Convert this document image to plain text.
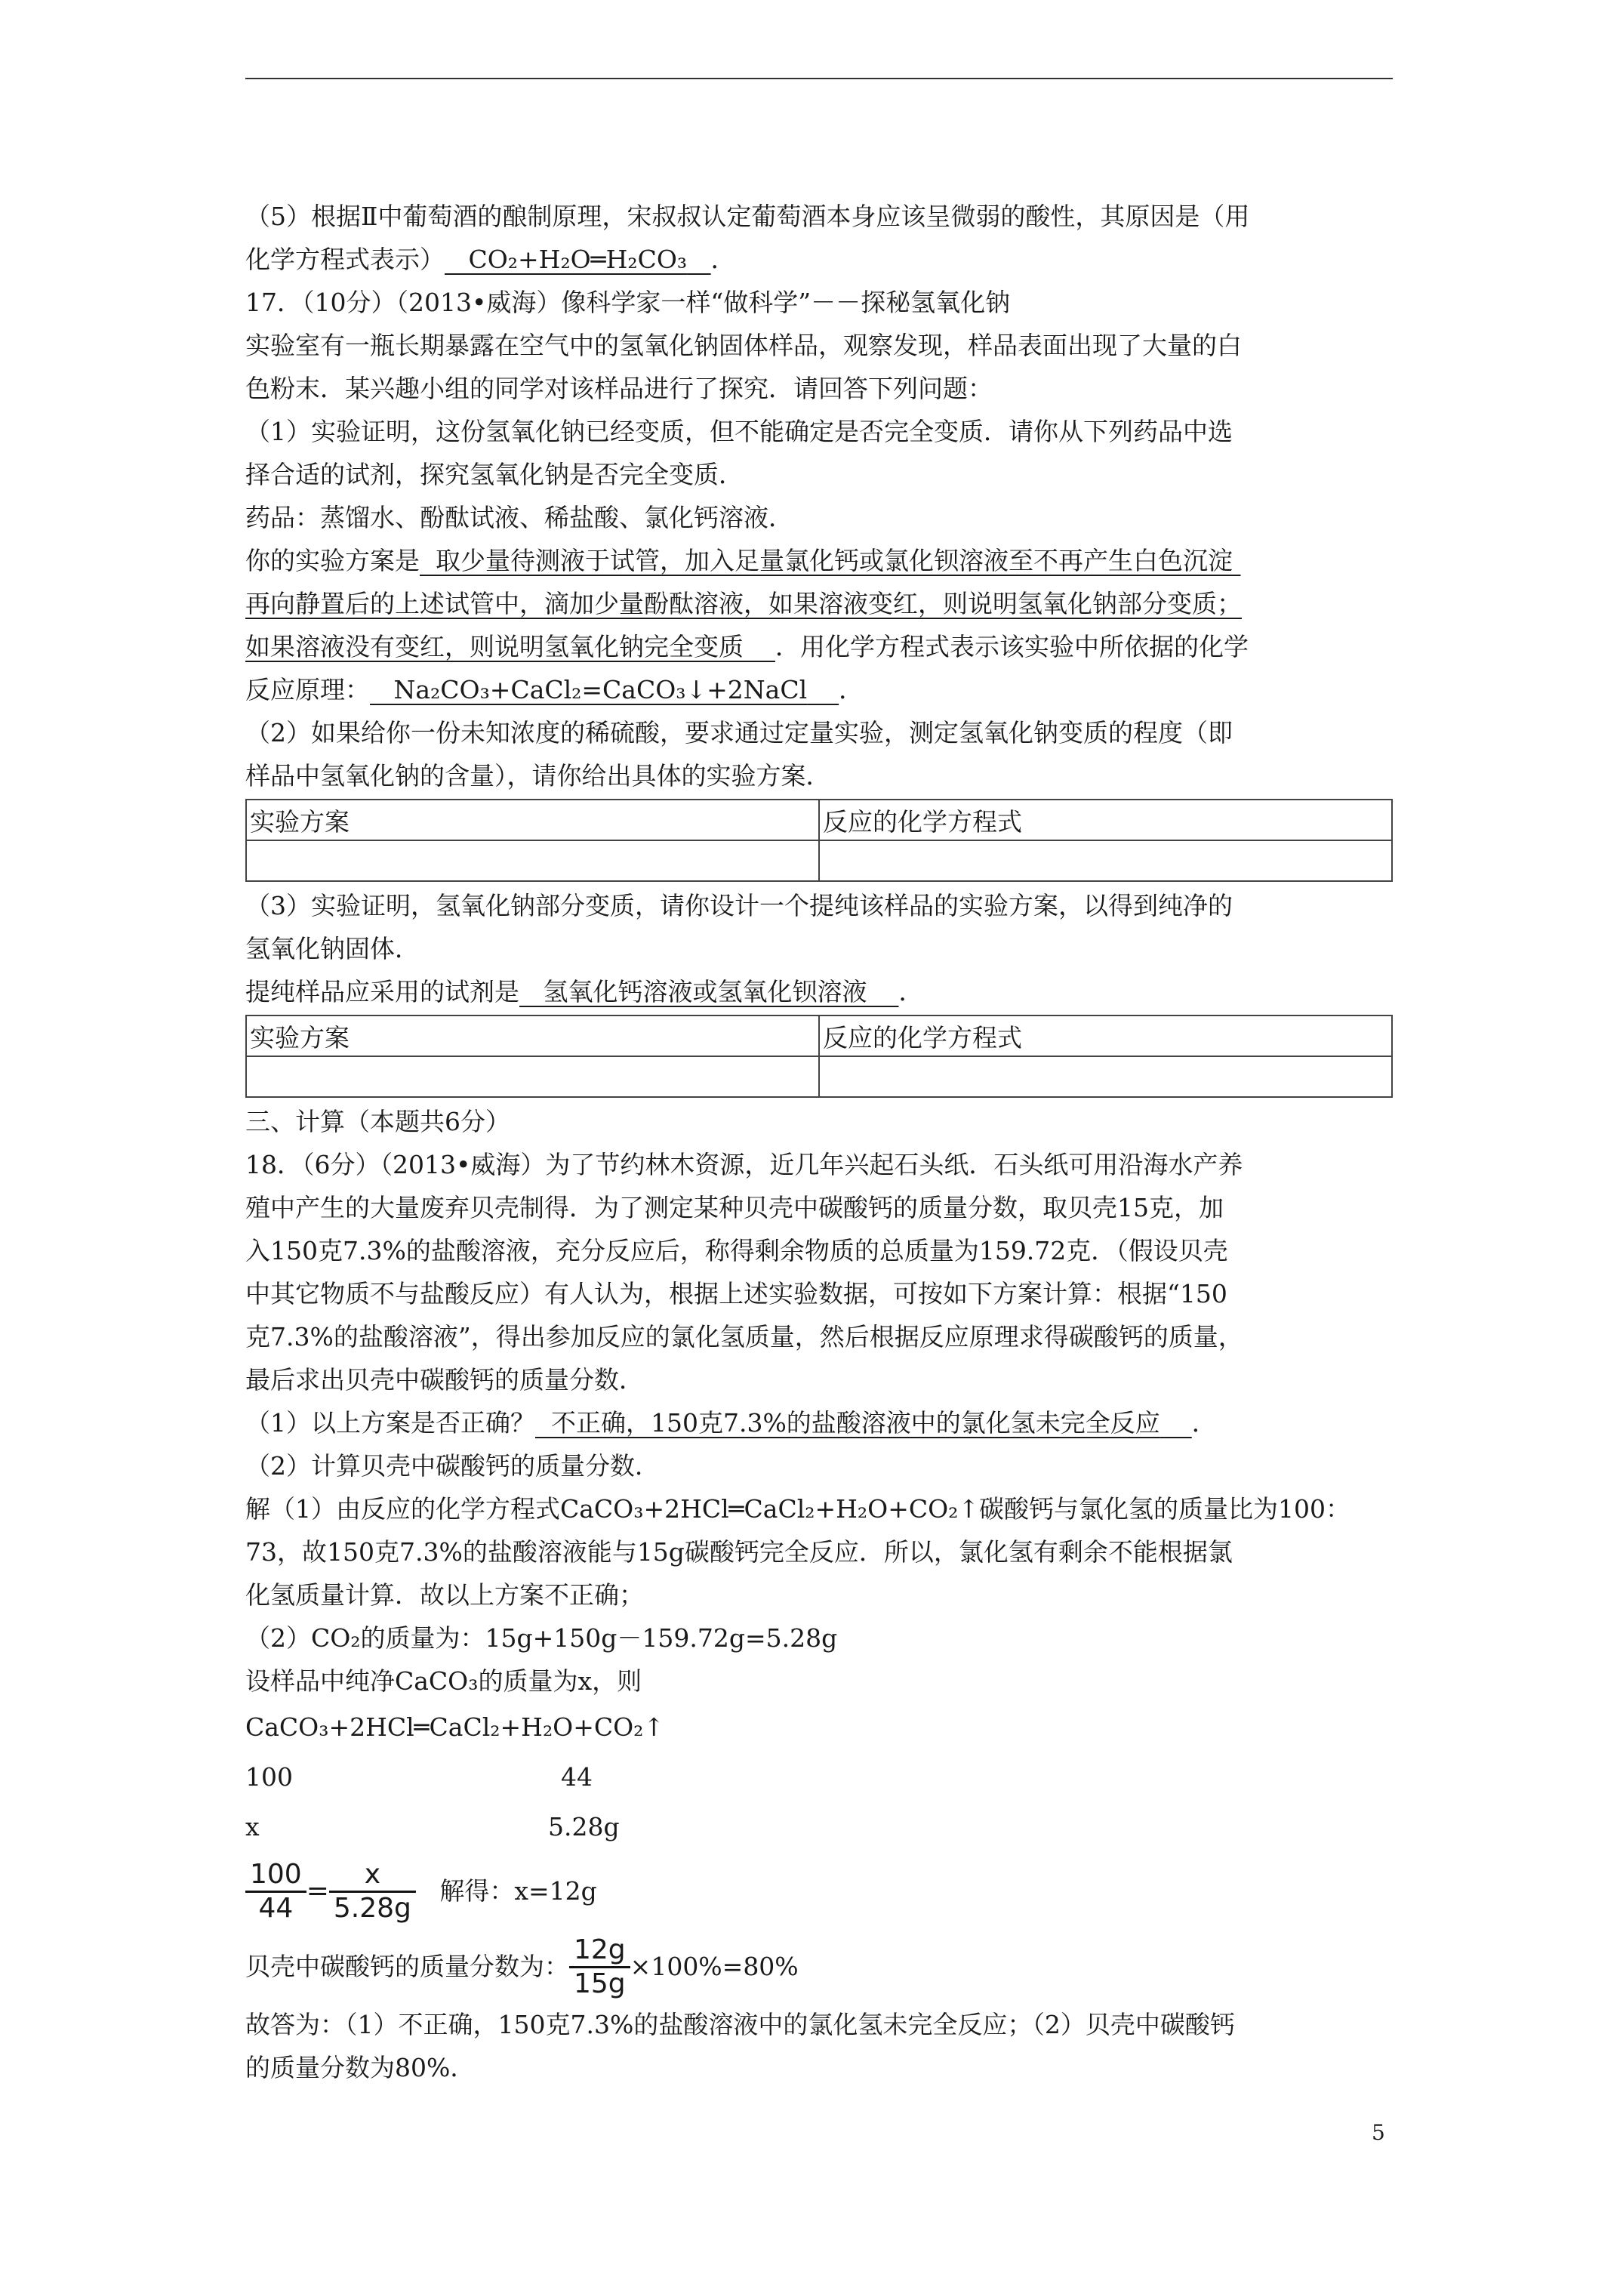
（5）根据Ⅱ中葡萄酒的酿制原理，宋叔叔认定葡萄酒本身应该呈微弱的酸性，其原因是（用
化学方程式表示） CO₂+H₂O═H₂CO₃ ．
17．（10分）（2013•威海）像科学家一样“做科学”－－探秘氢氧化钠
实验室有一瓶长期暴露在空气中的氢氧化钠固体样品，观察发现，样品表面出现了大量的白
色粉末．某兴趣小组的同学对该样品进行了探究．请回答下列问题：
（1）实验证明，这份氢氧化钠已经变质，但不能确定是否完全变质．请你从下列药品中选
择合适的试剂，探究氢氧化钠是否完全变质．
药品：蒸馏水、酚酞试液、稀盐酸、氯化钙溶液．
你的实验方案是 取少量待测液于试管，加入足量氯化钙或氯化钡溶液至不再产生白色沉淀
再向静置后的上述试管中，滴加少量酚酞溶液，如果溶液变红，则说明氢氧化钠部分变质；
如果溶液没有变红，则说明氢氧化钠完全变质 ．用化学方程式表示该实验中所依据的化学
反应原理： Na₂CO₃+CaCl₂=CaCO₃↓+2NaCl ．
（2）如果给你一份未知浓度的稀硫酸，要求通过定量实验，测定氢氧化钠变质的程度（即
样品中氢氧化钠的含量），请你给出具体的实验方案．
实验方案	反应的化学方程式

（3）实验证明，氢氧化钠部分变质，请你设计一个提纯该样品的实验方案，以得到纯净的
氢氧化钠固体．
提纯样品应采用的试剂是 氢氧化钙溶液或氢氧化钡溶液 ．
实验方案	反应的化学方程式

三、计算（本题共6分）
18．（6分）（2013•威海）为了节约林木资源，近几年兴起石头纸．石头纸可用沿海水产养
殖中产生的大量废弃贝壳制得．为了测定某种贝壳中碳酸钙的质量分数，取贝壳15克，加
入150克7.3%的盐酸溶液，充分反应后，称得剩余物质的总质量为159.72克．（假设贝壳
中其它物质不与盐酸反应）有人认为，根据上述实验数据，可按如下方案计算：根据“150
克7.3%的盐酸溶液”，得出参加反应的氯化氢质量，然后根据反应原理求得碳酸钙的质量，
最后求出贝壳中碳酸钙的质量分数．
（1）以上方案是否正确？ 不正确，150克7.3%的盐酸溶液中的氯化氢未完全反应 ．
（2）计算贝壳中碳酸钙的质量分数．
解（1）由反应的化学方程式CaCO₃+2HCl═CaCl₂+H₂O+CO₂↑碳酸钙与氯化氢的质量比为100：
73，故150克7.3%的盐酸溶液能与15g碳酸钙完全反应．所以，氯化氢有剩余不能根据氯
化氢质量计算．故以上方案不正确；
（2）CO₂的质量为：15g+150g－159.72g=5.28g
设样品中纯净CaCO₃的质量为x，则
CaCO₃+2HCl═CaCl₂+H₂O+CO₂↑
100	44
x	5.28g
$\frac{100}{44} = \frac{x}{5.28g}$ 解得：x=12g
贝壳中碳酸钙的质量分数为： $\frac{12g}{15g} \times 100\%=80\%$
故答为：（1）不正确，150克7.3%的盐酸溶液中的氯化氢未完全反应；（2）贝壳中碳酸钙
的质量分数为80%．
5
